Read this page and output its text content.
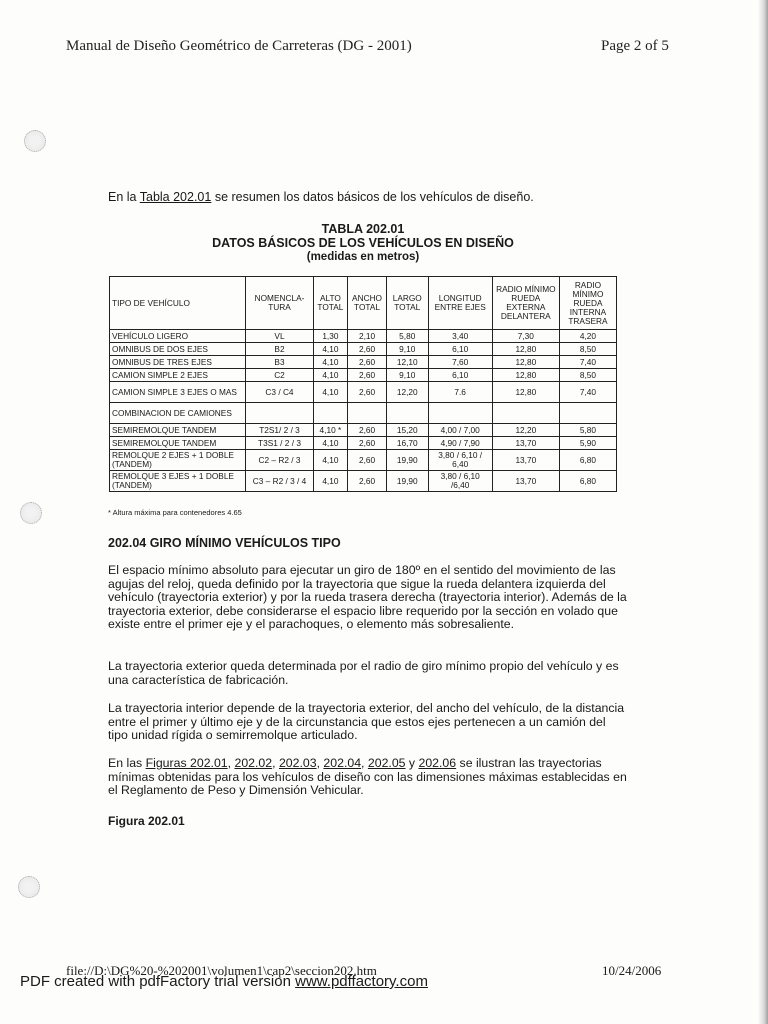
Manual de Diseño Geométrico de Carreteras (DG - 2001)	Page 2 of 5
En la Tabla 202.01 se resumen los datos básicos de los vehículos de diseño.
TABLA 202.01
DATOS BÁSICOS DE LOS VEHÍCULOS EN DISEÑO
(medidas en metros)
TIPO DE VEHÍCULO	NOMENCLA-TURA	ALTO TOTAL	ANCHO TOTAL	LARGO TOTAL	LONGITUD ENTRE EJES	RADIO MÍNIMO RUEDA EXTERNA DELANTERA	RADIO MÍNIMO RUEDA INTERNA TRASERA
VEHÍCULO LIGERO	VL	1,30	2,10	5,80	3,40	7,30	4,20
OMNIBUS DE DOS EJES	B2	4,10	2,60	9,10	6,10	12,80	8,50
OMNIBUS DE TRES EJES	B3	4,10	2,60	12,10	7,60	12,80	7,40
CAMION SIMPLE 2 EJES	C2	4,10	2,60	9,10	6,10	12,80	8,50
CAMION SIMPLE 3 EJES O MAS	C3 / C4	4,10	2,60	12,20	7.6	12,80	7,40
COMBINACION DE CAMIONES							
SEMIREMOLQUE TANDEM	T2S1/ 2 / 3	4,10 *	2,60	15,20	4,00 / 7,00	12,20	5,80
SEMIREMOLQUE TANDEM	T3S1 / 2 / 3	4,10	2,60	16,70	4,90 / 7,90	13,70	5,90
REMOLQUE 2 EJES + 1 DOBLE (TANDEM)	C2 – R2 / 3	4,10	2,60	19,90	3,80 / 6,10 / 6,40	13,70	6,80
REMOLQUE 3 EJES + 1 DOBLE (TANDEM)	C3 – R2 / 3 / 4	4,10	2,60	19,90	3,80 / 6,10 /6,40	13,70	6,80
* Altura máxima para contenedores 4.65
202.04 GIRO MÍNIMO VEHÍCULOS TIPO
El espacio mínimo absoluto para ejecutar un giro de 180º en el sentido del movimiento de las agujas del reloj, queda definido por la trayectoria que sigue la rueda delantera izquierda del vehículo (trayectoria exterior) y por la rueda trasera derecha (trayectoria interior). Además de la trayectoria exterior, debe considerarse el espacio libre requerido por la sección en volado que existe entre el primer eje y el parachoques, o elemento más sobresaliente.
La trayectoria exterior queda determinada por el radio de giro mínimo propio del vehículo y es una característica de fabricación.
La trayectoria interior depende de la trayectoria exterior, del ancho del vehículo, de la distancia entre el primer y último eje y de la circunstancia que estos ejes pertenecen a un camión del tipo unidad rígida o semirremolque articulado.
En las Figuras 202.01, 202.02, 202.03, 202.04, 202.05 y 202.06 se ilustran las trayectorias mínimas obtenidas para los vehículos de diseño con las dimensiones máximas establecidas en el Reglamento de Peso y Dimensión Vehicular.
Figura 202.01
file://D:\DG%20-%202001\volumen1\cap2\seccion202.htm	10/24/2006
PDF created with pdfFactory trial version www.pdffactory.com
